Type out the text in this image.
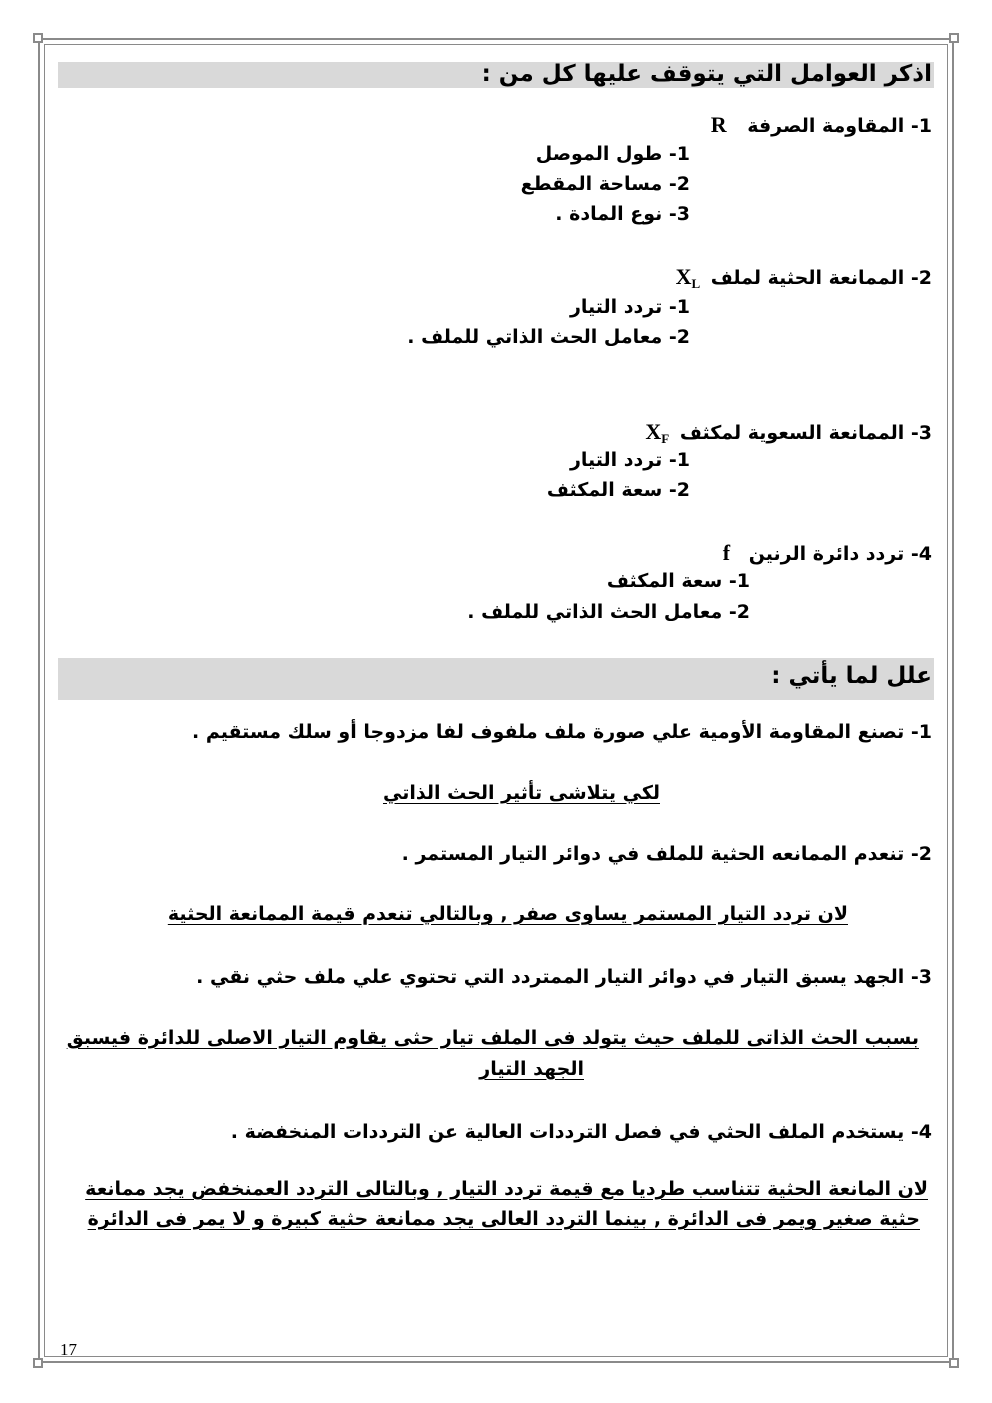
اذكر العوامل التي يتوقف عليها كل من :
1- المقاومة الصرفة R
1- طول الموصل
2- مساحة المقطع
3- نوع المادة .
2- الممانعة الحثية لملف $X_L$
1- تردد التيار
2- معامل الحث الذاتي للملف .
3- الممانعة السعوية لمكثف $X_F$
1- تردد التيار
2- سعة المكثف
4- تردد دائرة الرنين f
1- سعة المكثف
2- معامل الحث الذاتي للملف .
علل لما يأتي :
1- تصنع المقاومة الأومية علي صورة ملف ملفوف لفا مزدوجا أو سلك مستقيم .
لكي يتلاشى تأثير الحث الذاتي
2- تنعدم الممانعه الحثية للملف في دوائر التيار المستمر .
لان تردد التيار المستمر يساوى صفر , وبالتالي تنعدم قيمة الممانعة الحثية
3- الجهد يسبق التيار في دوائر التيار الممتردد التي تحتوي علي ملف حثي نقي .
بسبب الحث الذاتى للملف حيث يتولد فى الملف تيار حثى يقاوم التيار الاصلى للدائرة فيسبق
الجهد التيار
4- يستخدم الملف الحثي في فصل الترددات العالية عن الترددات المنخفضة .
لان المانعة الحثية تتناسب طرديا مع قيمة تردد التيار , وبالتالى التردد العمنخفض يجد ممانعة
حثية صغير ويمر فى الدائرة , بينما التردد العالى يجد ممانعة حثية كبيرة و لا يمر فى الدائرة
17
